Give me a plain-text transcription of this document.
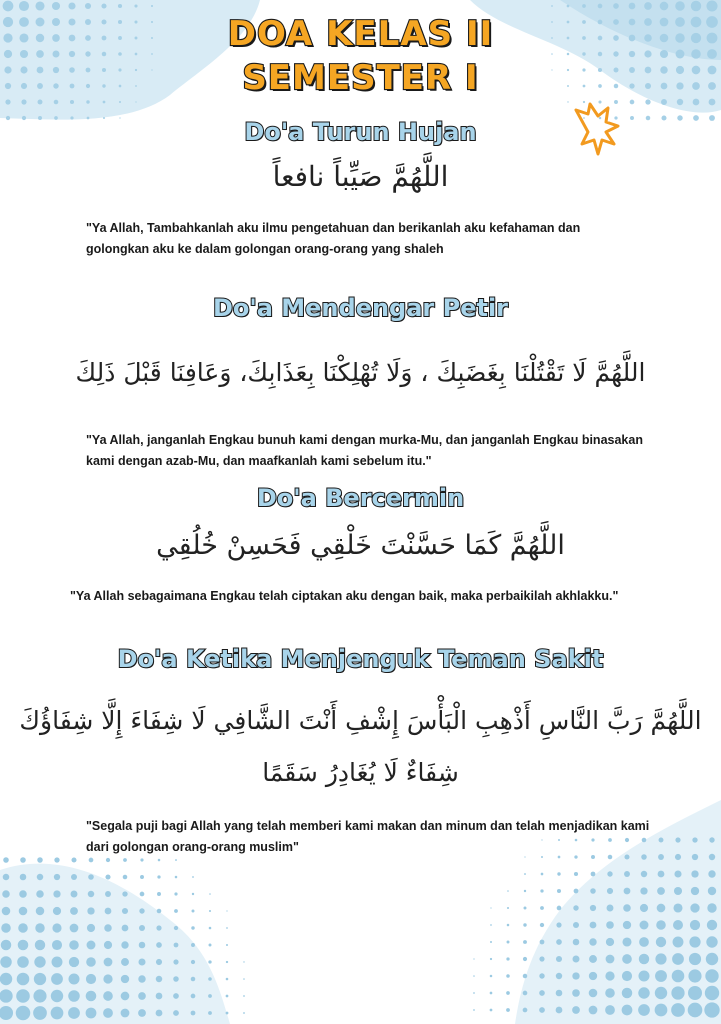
DOA KELAS II
SEMESTER I
Do'a Turun Hujan
اللَّهُمَّ صَيِّباً نافعاً
"Ya Allah, Tambahkanlah aku ilmu pengetahuan dan berikanlah aku kefahaman dan golongkan aku ke dalam golongan orang-orang yang shaleh
Do'a Mendengar Petir
اللَّهُمَّ لَا تَقْتُلْنَا بِغَضَبِكَ ، وَلَا تُهْلِكْنَا بِعَذَابِكَ، وَعَافِنَا قَبْلَ ذَلِكَ
"Ya Allah, janganlah Engkau bunuh kami dengan murka-Mu, dan janganlah Engkau binasakan kami dengan azab-Mu, dan maafkanlah kami sebelum itu."
Do'a Bercermin
اللَّهُمَّ كَمَا حَسَّنْتَ خَلْقِي فَحَسِنْ خُلُقِي
"Ya Allah sebagaimana Engkau telah ciptakan aku dengan baik, maka perbaikilah akhlakku."
Do'a Ketika Menjenguk Teman Sakit
اللَّهُمَّ رَبَّ النَّاسِ أَذْهِبِ الْبَأْسَ إِشْفِ أَنْتَ الشَّافِي لَا شِفَاءَ إِلَّا شِفَاؤُكَ
شِفَاءٌ لَا يُغَادِرُ سَقَمًا
"Segala puji bagi Allah yang telah memberi kami makan dan minum dan telah menjadikan kami dari golongan orang-orang muslim"
